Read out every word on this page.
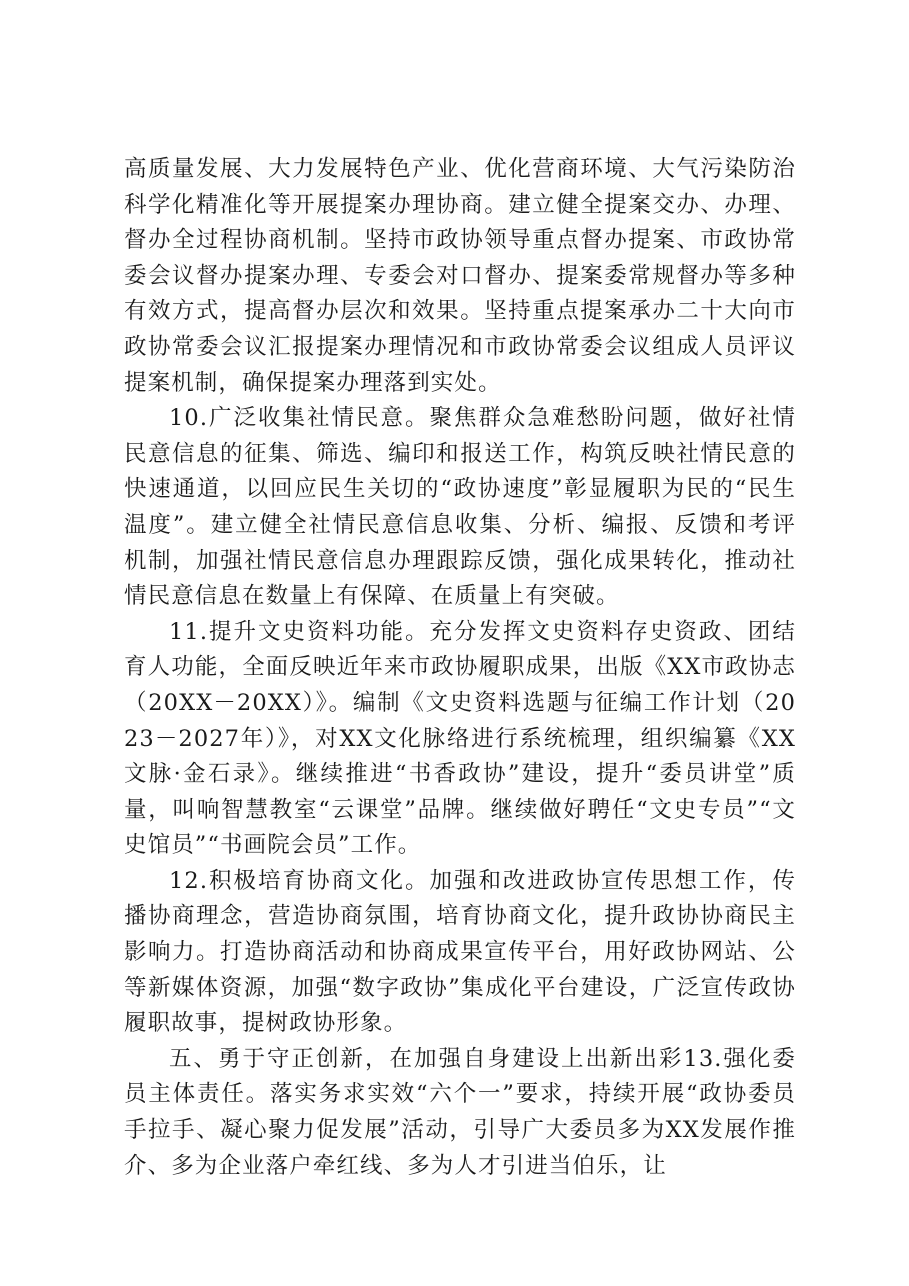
高质量发展、大力发展特色产业、优化营商环境、大气污染防治科学化精准化等开展提案办理协商。建立健全提案交办、办理、督办全过程协商机制。坚持市政协领导重点督办提案、市政协常委会议督办提案办理、专委会对口督办、提案委常规督办等多种有效方式，提高督办层次和效果。坚持重点提案承办二十大向市政协常委会议汇报提案办理情况和市政协常委会议组成人员评议提案机制，确保提案办理落到实处。

10.广泛收集社情民意。聚焦群众急难愁盼问题，做好社情民意信息的征集、筛选、编印和报送工作，构筑反映社情民意的快速通道，以回应民生关切的“政协速度”彰显履职为民的“民生温度”。建立健全社情民意信息收集、分析、编报、反馈和考评机制，加强社情民意信息办理跟踪反馈，强化成果转化，推动社情民意信息在数量上有保障、在质量上有突破。

11.提升文史资料功能。充分发挥文史资料存史资政、团结育人功能，全面反映近年来市政协履职成果，出版《XX市政协志（20XX－20XX）》。编制《文史资料选题与征编工作计划（2023－2027年）》，对XX文化脉络进行系统梳理，组织编纂《XX文脉·金石录》。继续推进“书香政协”建设，提升“委员讲堂”质量，叫响智慧教室“云课堂”品牌。继续做好聘任“文史专员”“文史馆员”“书画院会员”工作。

12.积极培育协商文化。加强和改进政协宣传思想工作，传播协商理念，营造协商氛围，培育协商文化，提升政协协商民主影响力。打造协商活动和协商成果宣传平台，用好政协网站、公等新媒体资源，加强“数字政协”集成化平台建设，广泛宣传政协履职故事，提树政协形象。

五、勇于守正创新，在加强自身建设上出新出彩13.强化委员主体责任。落实务求实效“六个一”要求，持续开展“政协委员手拉手、凝心聚力促发展”活动，引导广大委员多为XX发展作推介、多为企业落户牵红线、多为人才引进当伯乐，让
